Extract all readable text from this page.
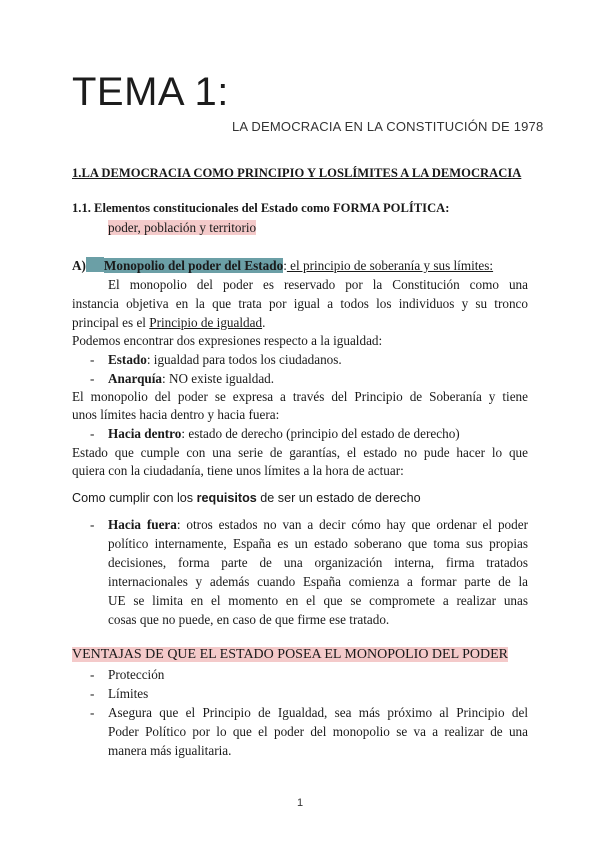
TEMA 1:
LA DEMOCRACIA EN LA CONSTITUCIÓN DE 1978
1.LA DEMOCRACIA COMO PRINCIPIO Y LOSLÍMITES A LA DEMOCRACIA
1.1. Elementos constitucionales del Estado como FORMA POLÍTICA:
poder, población y territorio
A) Monopolio del poder del Estado: el principio de soberanía y sus límites:
El monopolio del poder es reservado por la Constitución como una
instancia objetiva en la que trata por igual a todos los individuos y su tronco
principal es el Principio de igualdad.
Podemos encontrar dos expresiones respecto a la igualdad:
- Estado: igualdad para todos los ciudadanos.
- Anarquía: NO existe igualdad.
El monopolio del poder se expresa a través del Principio de Soberanía y tiene
unos límites hacia dentro y hacia fuera:
- Hacia dentro: estado de derecho (principio del estado de derecho)
Estado que cumple con una serie de garantías, el estado no pude hacer lo que
quiera con la ciudadanía, tiene unos límites a la hora de actuar:
Como cumplir con los requisitos de ser un estado de derecho
- Hacia fuera: otros estados no van a decir cómo hay que ordenar el poder
político internamente, España es un estado soberano que toma sus propias
decisiones, forma parte de una organización interna, firma tratados
internacionales y además cuando España comienza a formar parte de la
UE se limita en el momento en el que se compromete a realizar unas
cosas que no puede, en caso de que firme ese tratado.
VENTAJAS DE QUE EL ESTADO POSEA EL MONOPOLIO DEL PODER
- Protección
- Límites
- Asegura que el Principio de Igualdad, sea más próximo al Principio del
Poder Político por lo que el poder del monopolio se va a realizar de una
manera más igualitaria.
1
